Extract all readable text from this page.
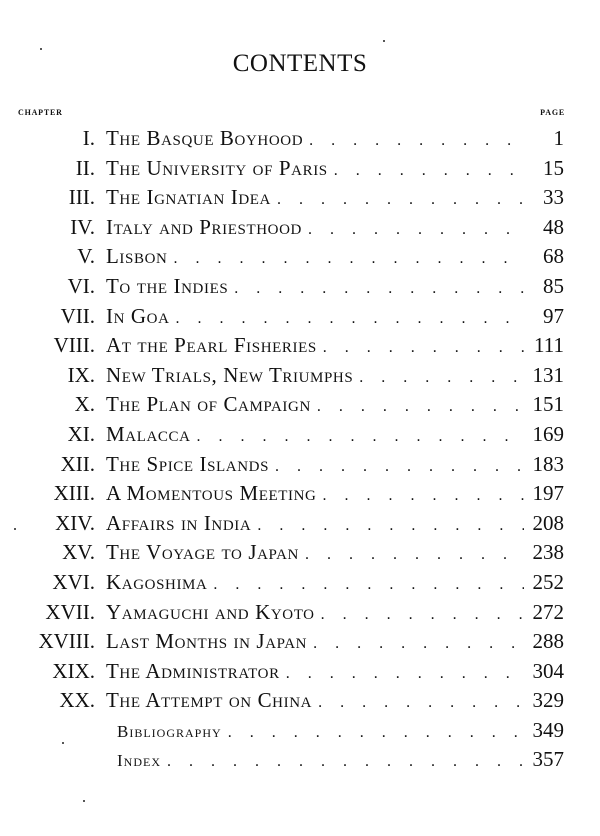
CONTENTS
CHAPTER	PAGE
I. The Basque Boyhood . . .	1
II. The University of Paris . . .	15
III. The Ignatian Idea . . .	33
IV. Italy and Priesthood . . .	48
V. Lisbon . . .	68
VI. To the Indies . . .	85
VII. In Goa . . .	97
VIII. At the Pearl Fisheries . . .	111
IX. New Trials, New Triumphs . . .	131
X. The Plan of Campaign . . .	151
XI. Malacca . . .	169
XII. The Spice Islands . . .	183
XIII. A Momentous Meeting . . .	197
XIV. Affairs in India . . .	208
XV. The Voyage to Japan . . .	238
XVI. Kagoshima . . .	252
XVII. Yamaguchi and Kyoto . . .	272
XVIII. Last Months in Japan . . .	288
XIX. The Administrator . . .	304
XX. The Attempt on China . . .	329
Bibliography . . .	349
Index . . .	357
